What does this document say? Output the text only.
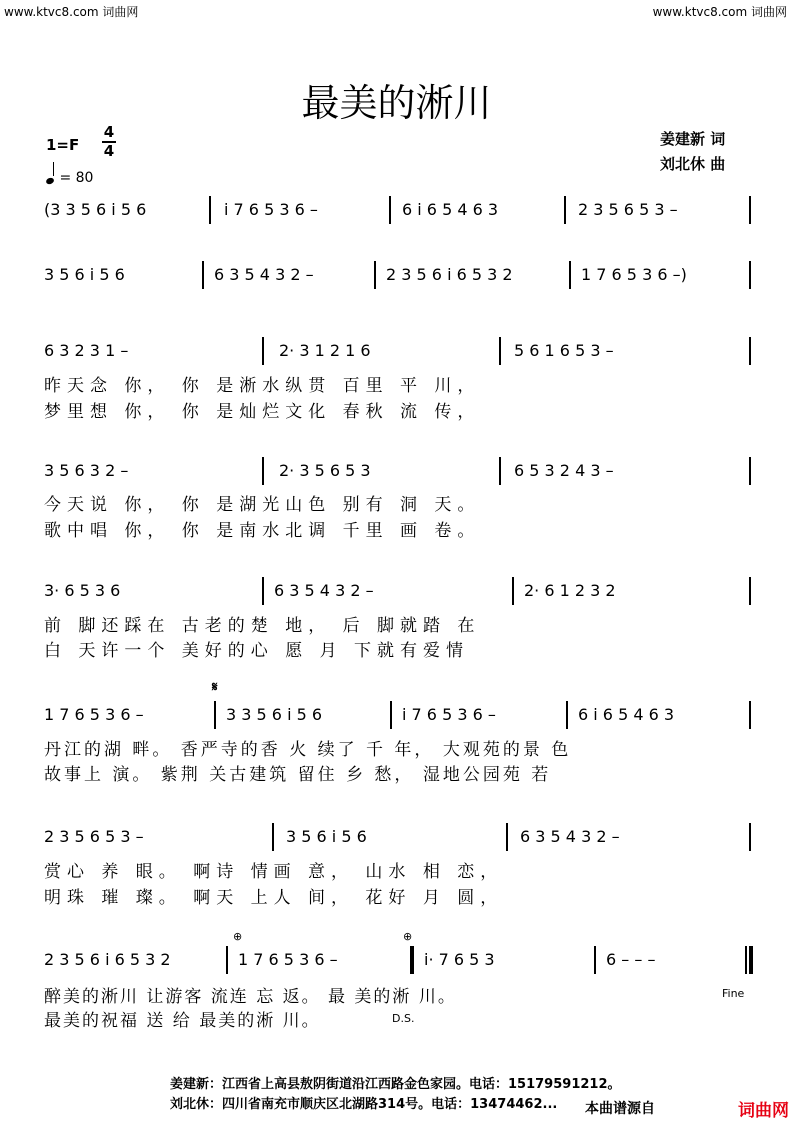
www.ktvc8.com 词曲网	www.ktvc8.com 词曲网
最美的淅川
1=F
4
4
= 80
姜建新 词
刘北休 曲
(3 3 5 6 i 5 6	i 7 6 5 3 6 –	6 i 6 5 4 6 3	2 3 5 6 5 3 –
3 5 6 i 5 6	6 3 5 4 3 2 –	2 3 5 6 i 6 5 3 2	1 7 6 5 3 6 –)
6 3 2 3 1 –	2· 3 1 2 1 6	5 6 1 6 5 3 –
昨天念 你， 你 是淅水纵贯 百里 平 川，
梦里想 你， 你 是灿烂文化 春秋 流 传，
3 5 6 3 2 –	2· 3 5 6 5 3	6 5 3 2 4 3 –
今天说 你， 你 是湖光山色 别有 洞 天。
歌中唱 你， 你 是南水北调 千里 画 卷。
3· 6 5 3 6	6 3 5 4 3 2 –	2· 6 1 2 3 2
前 脚还踩在 古老的楚 地， 后 脚就踏 在
白 天许一个 美好的心 愿 月 下就有爱情
𝄋
1 7 6 5 3 6 –	3 3 5 6 i 5 6	i 7 6 5 3 6 –	6 i 6 5 4 6 3
丹江的湖 畔。 香严寺的香 火 续了 千 年， 大观苑的景 色
故事上 演。 紫荆 关古建筑 留住 乡 愁， 湿地公园苑 若
2 3 5 6 5 3 –	3 5 6 i 5 6	6 3 5 4 3 2 –
赏心 养 眼。 啊诗 情画 意， 山水 相 恋，
明珠 璀 璨。 啊天 上人 间， 花好 月 圆，
⊕	⊕
2 3 5 6 i 6 5 3 2	1 7 6 5 3 6 –	i· 7 6 5 3	6 – – –
醉美的淅川 让游客 流连 忘 返。 最 美的淅 川。
最美的祝福 送 给 最美的淅 川。
Fine
D.S.
姜建新：江西省上高县敖阴街道沿江西路金色家园。电话：15179591212。
刘北休：四川省南充市顺庆区北湖路314号。电话：13474462... 本曲谱源自	词曲网
